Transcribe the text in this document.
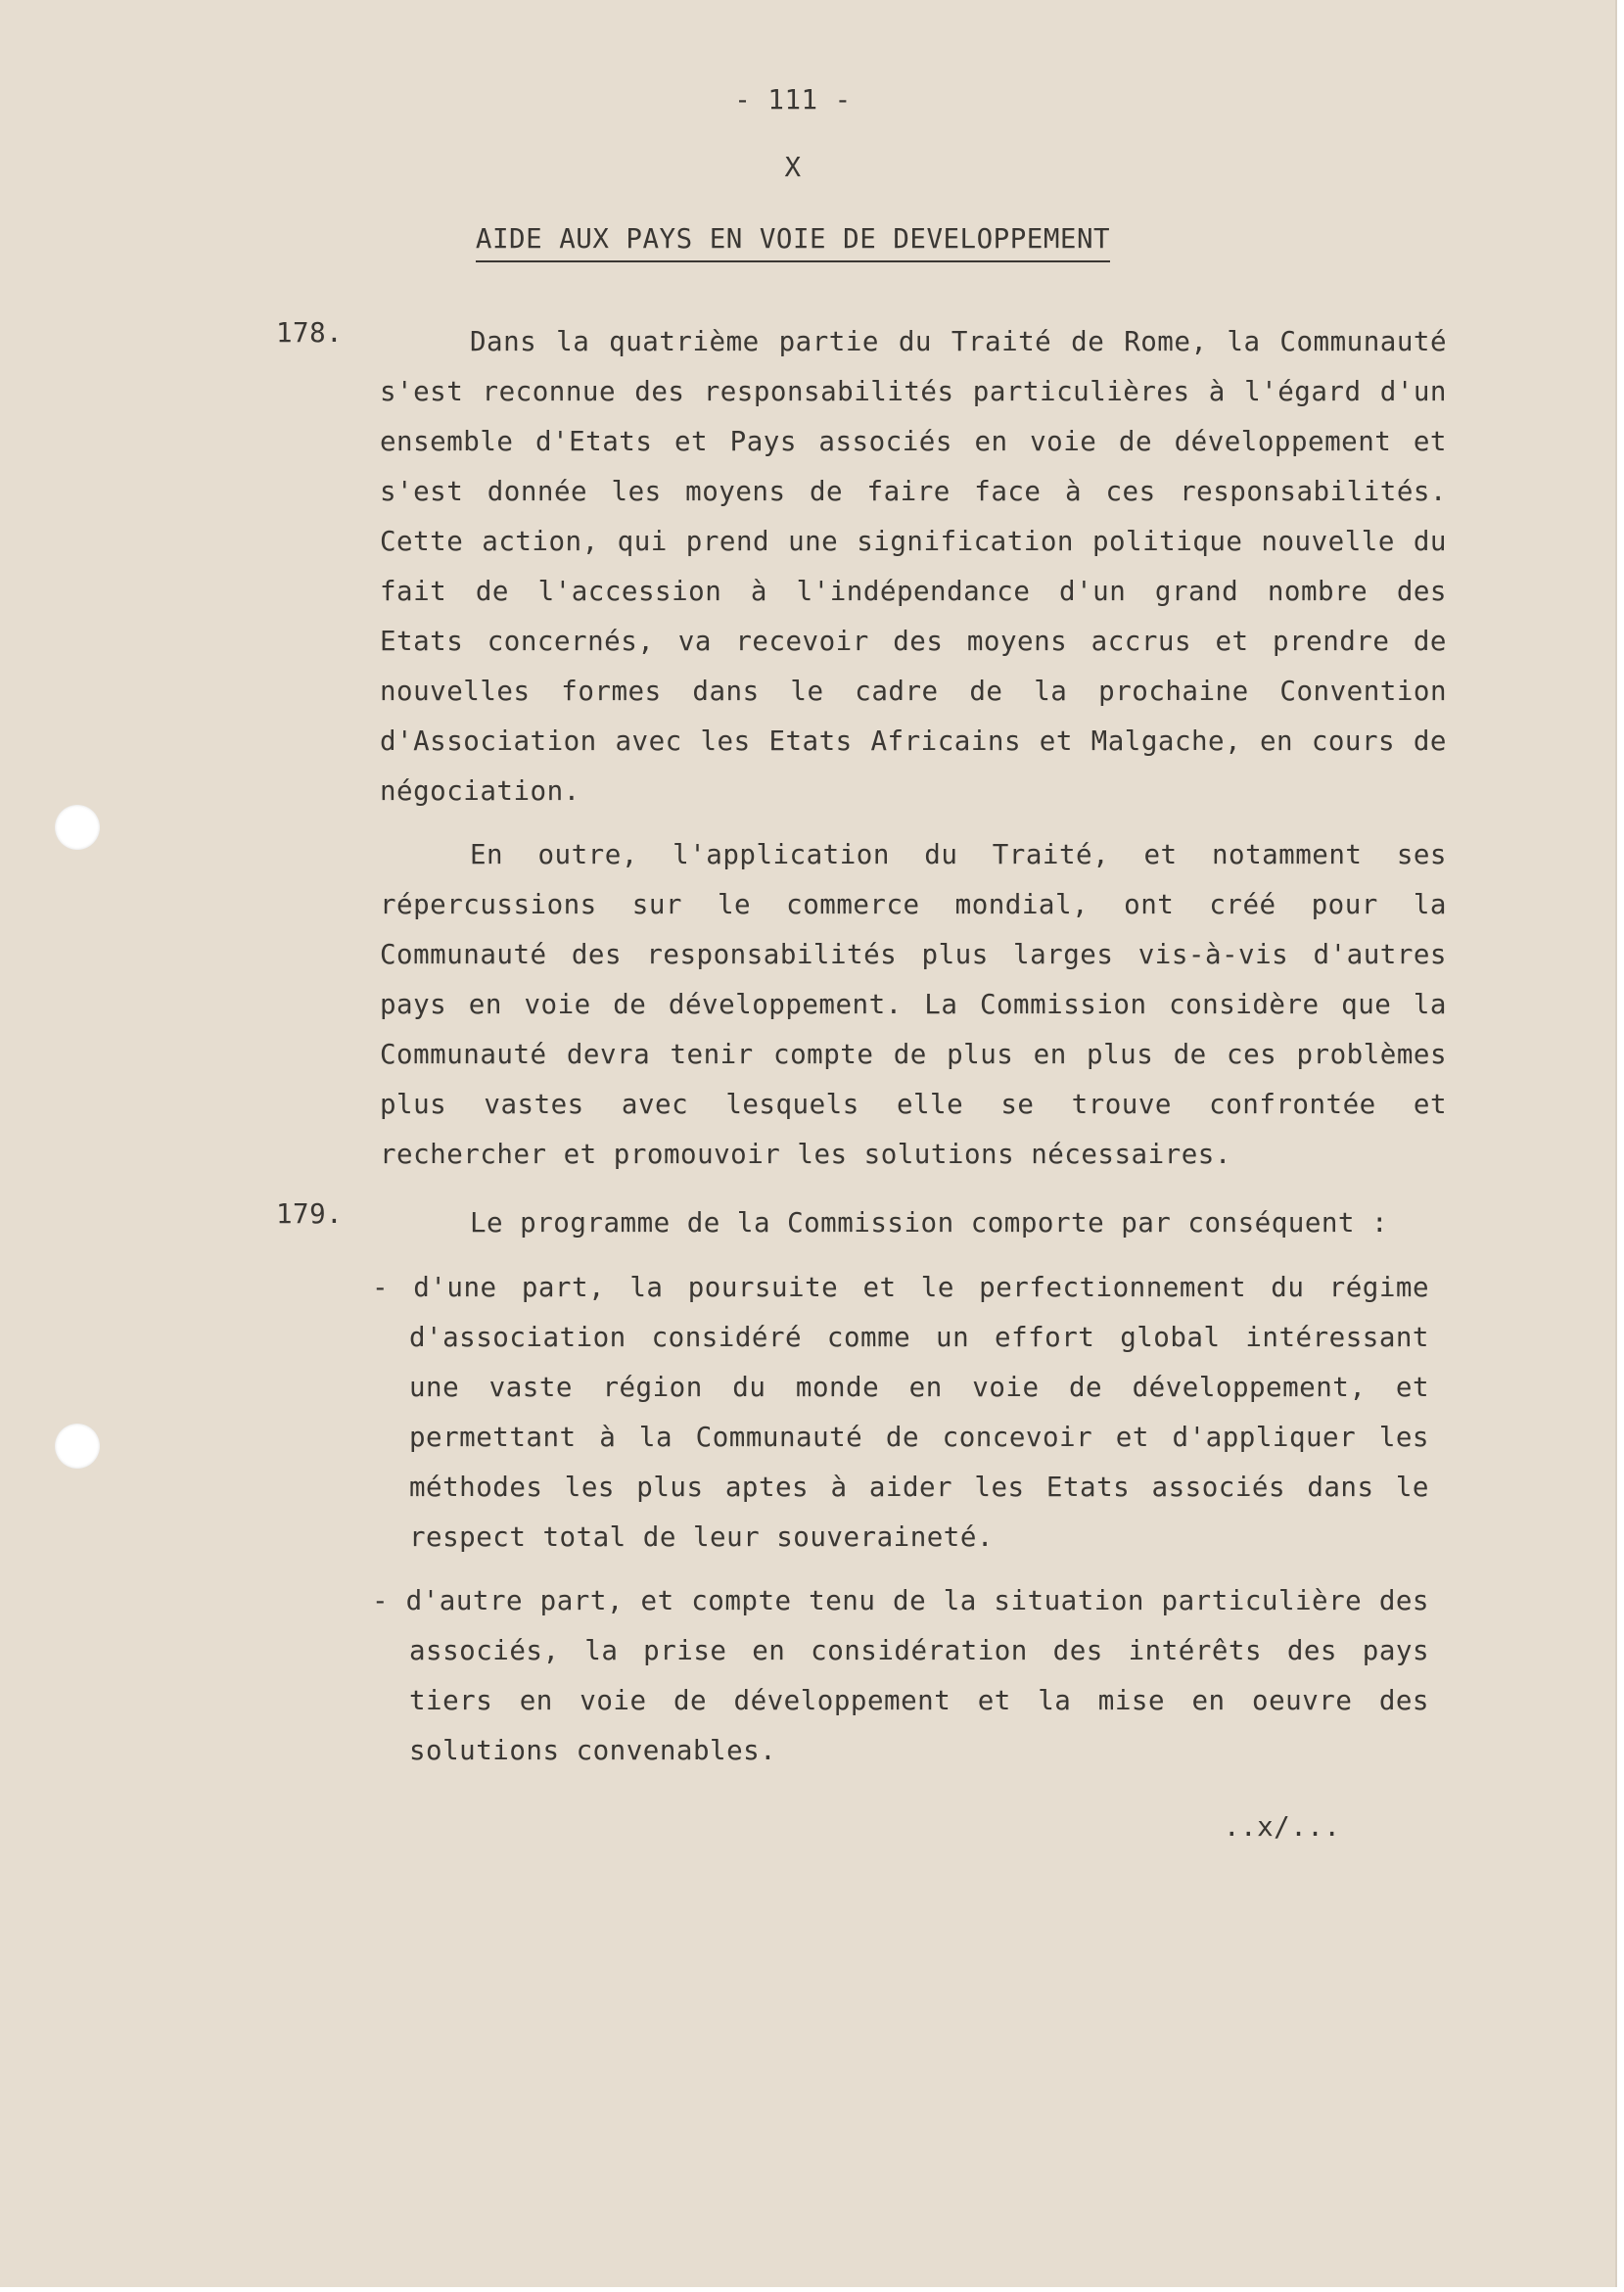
- 111 -
X
AIDE AUX PAYS EN VOIE DE DEVELOPPEMENT
178.	Dans la quatrième partie du Traité de Rome, la Communauté s'est reconnue des responsabilités particulières à l'égard d'un ensemble d'Etats et Pays associés en voie de développement et s'est donnée les moyens de faire face à ces responsabilités. Cette action, qui prend une signification politique nouvelle du fait de l'accession à l'indépendance d'un grand nombre des Etats concernés, va recevoir des moyens accrus et prendre de nouvelles formes dans le cadre de la prochaine Convention d'Association avec les Etats Africains et Malgache, en cours de négociation.

En outre, l'application du Traité, et notamment ses répercussions sur le commerce mondial, ont créé pour la Communauté des responsabilités plus larges vis-à-vis d'autres pays en voie de développement. La Commission considère que la Communauté devra tenir compte de plus en plus de ces problèmes plus vastes avec lesquels elle se trouve confrontée et rechercher et promouvoir les solutions nécessaires.

179.	Le programme de la Commission comporte par conséquent :

- d'une part, la poursuite et le perfectionnement du régime d'association considéré comme un effort global intéressant une vaste région du monde en voie de développement, et permettant à la Communauté de concevoir et d'appliquer les méthodes les plus aptes à aider les Etats associés dans le respect total de leur souveraineté.
- d'autre part, et compte tenu de la situation particulière des associés, la prise en considération des intérêts des pays tiers en voie de développement et la mise en oeuvre des solutions convenables.
..x/...
